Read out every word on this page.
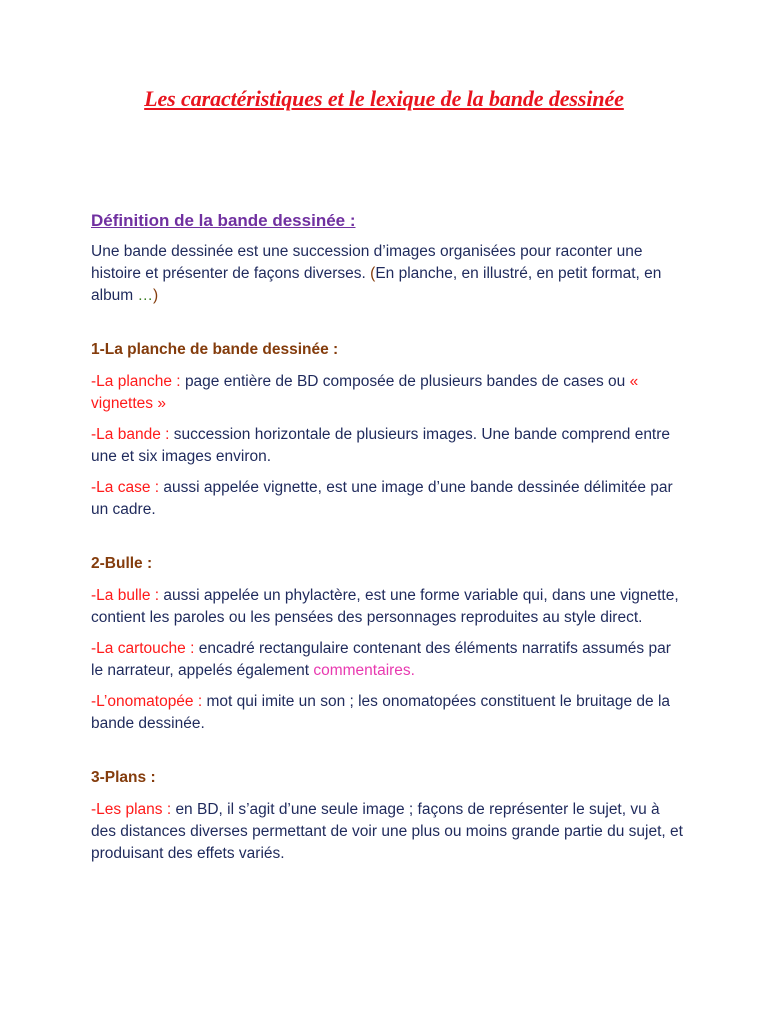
Les caractéristiques et le lexique de la bande dessinée
Définition de la bande dessinée :

Une bande dessinée est une succession d’images organisées pour raconter une histoire et présenter de façons diverses. (En planche, en illustré, en petit format, en album …)

1-La planche de bande dessinée :

-La planche : page entière de BD composée de plusieurs bandes de cases ou « vignettes »

-La bande : succession horizontale de plusieurs images. Une bande comprend entre une et six images environ.

-La case : aussi appelée vignette, est une image d’une bande dessinée délimitée par un cadre.

2-Bulle :

-La bulle : aussi appelée un phylactère, est une forme variable qui, dans une vignette, contient les paroles ou les pensées des personnages reproduites au style direct.

-La cartouche : encadré rectangulaire contenant des éléments narratifs assumés par le narrateur, appelés également commentaires.

-L’onomatopée : mot qui imite un son ; les onomatopées constituent le bruitage de la bande dessinée.

3-Plans :

-Les plans : en BD, il s’agit d’une seule image ; façons de représenter le sujet, vu à des distances diverses permettant de voir une plus ou moins grande partie du sujet, et produisant des effets variés.
